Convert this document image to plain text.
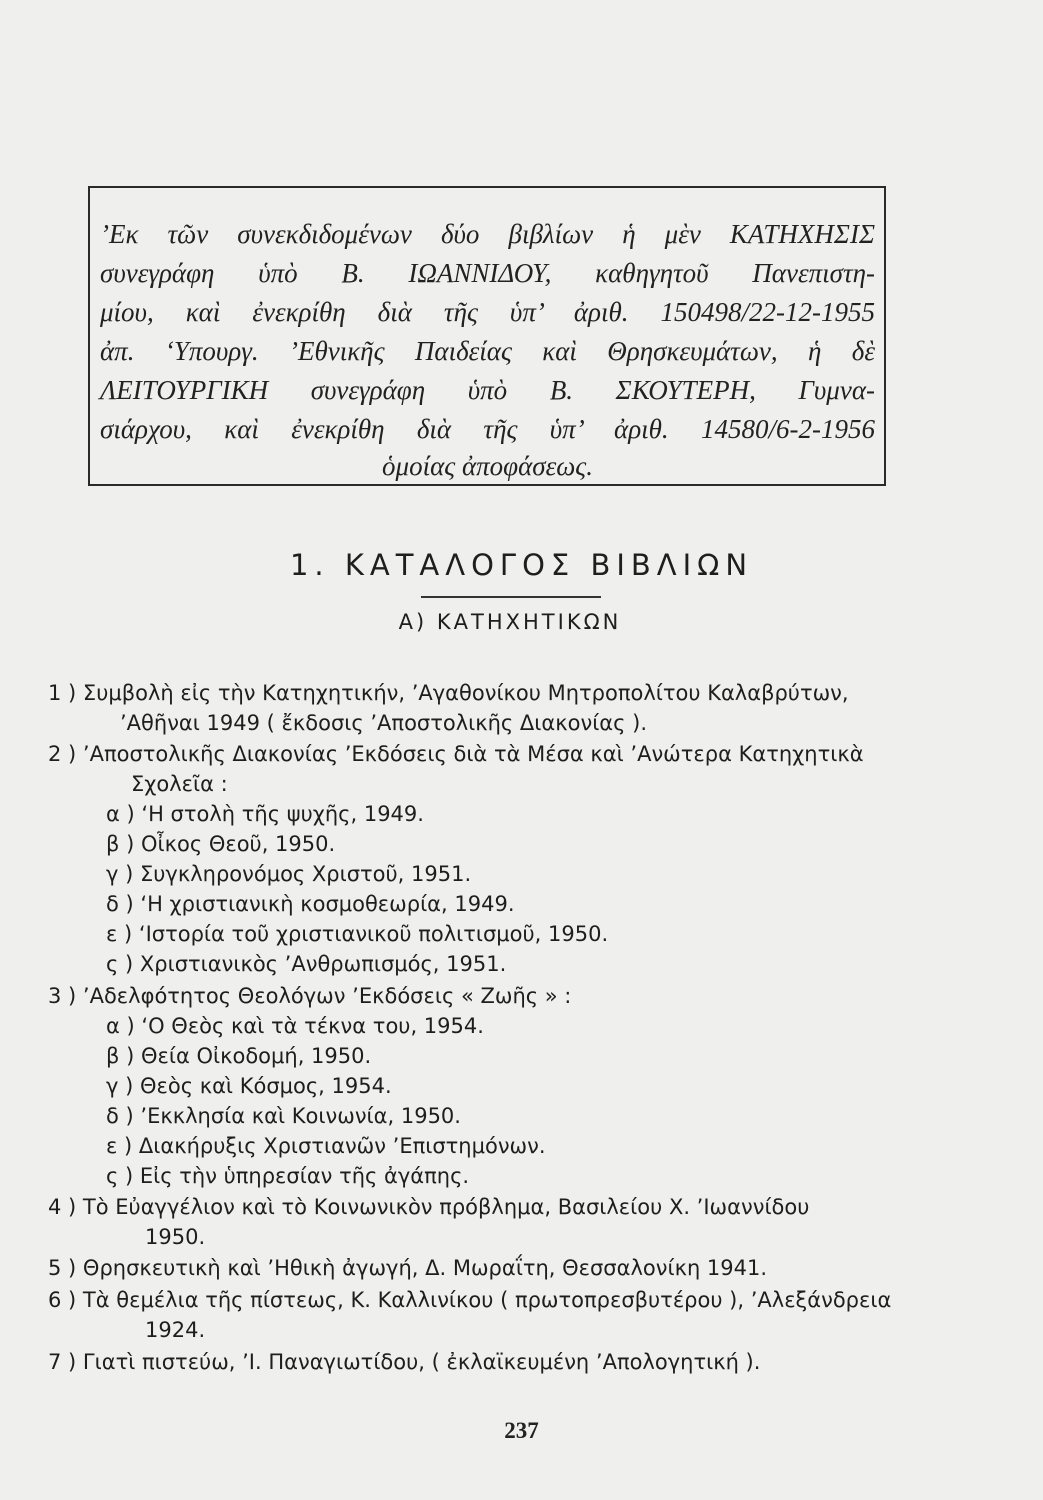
’Εκ τῶν συνεκδιδομένων δύο βιβλίων ἡ μὲν ΚΑΤΗΧΗΣΙΣ
συνεγράφη ὑπὸ Β. ΙΩΑΝΝΙΔΟΥ, καθηγητοῦ Πανεπιστη-
μίου, καὶ ἐνεκρίθη διὰ τῆς ὑπ’ ἀριθ. 150498/22-12-1955
ἀπ. ‘Υπουργ. ’Εθνικῆς Παιδείας καὶ Θρησκευμάτων, ἡ δὲ
ΛΕΙΤΟΥΡΓΙΚΗ συνεγράφη ὑπὸ Β. ΣΚΟΥΤΕΡΗ, Γυμνα-
σιάρχου, καὶ ἐνεκρίθη διὰ τῆς ὑπ’ ἀριθ. 14580/6-2-1956
ὁμοίας ἀποφάσεως.
1. ΚΑΤΑΛΟΓΟΣ ΒΙΒΛΙΩΝ
Α) ΚΑΤΗΧΗΤΙΚΩΝ
1 ) Συμβολὴ εἰς τὴν Κατηχητικήν, ’Αγαθονίκου Μητροπολίτου Καλαβρύτων,
’Αθῆναι 1949 ( ἔκδοσις ’Αποστολικῆς Διακονίας ).
2 ) ’Αποστολικῆς Διακονίας ’Εκδόσεις διὰ τὰ Μέσα καὶ ’Ανώτερα Κατηχητικὰ
Σχολεῖα :
α ) ‘Η στολὴ τῆς ψυχῆς, 1949.
β ) Οἶκος Θεοῦ, 1950.
γ ) Συγκληρονόμος Χριστοῦ, 1951.
δ ) ‘Η χριστιανικὴ κοσμοθεωρία, 1949.
ε ) ‘Ιστορία τοῦ χριστιανικοῦ πολιτισμοῦ, 1950.
ς ) Χριστιανικὸς ’Ανθρωπισμός, 1951.
3 ) ’Αδελφότητος Θεολόγων ’Εκδόσεις « Ζωῆς » :
α ) ‘Ο Θεὸς καὶ τὰ τέκνα του, 1954.
β ) Θεία Οἰκοδομή, 1950.
γ ) Θεὸς καὶ Κόσμος, 1954.
δ ) ’Εκκλησία καὶ Κοινωνία, 1950.
ε ) Διακήρυξις Χριστιανῶν ’Επιστημόνων.
ς ) Εἰς τὴν ὑπηρεσίαν τῆς ἀγάπης.
4 ) Τὸ Εὐαγγέλιον καὶ τὸ Κοινωνικὸν πρόβλημα, Βασιλείου Χ. ’Ιωαννίδου
1950.
5 ) Θρησκευτικὴ καὶ ’Ηθικὴ ἀγωγή, Δ. Μωραΐτη, Θεσσαλονίκη 1941.
6 ) Τὰ θεμέλια τῆς πίστεως, Κ. Καλλινίκου ( πρωτοπρεσβυτέρου ), ’Αλεξάνδρεια
1924.
7 ) Γιατὶ πιστεύω, ’Ι. Παναγιωτίδου, ( ἐκλαϊκευμένη ’Απολογητική ).
237
